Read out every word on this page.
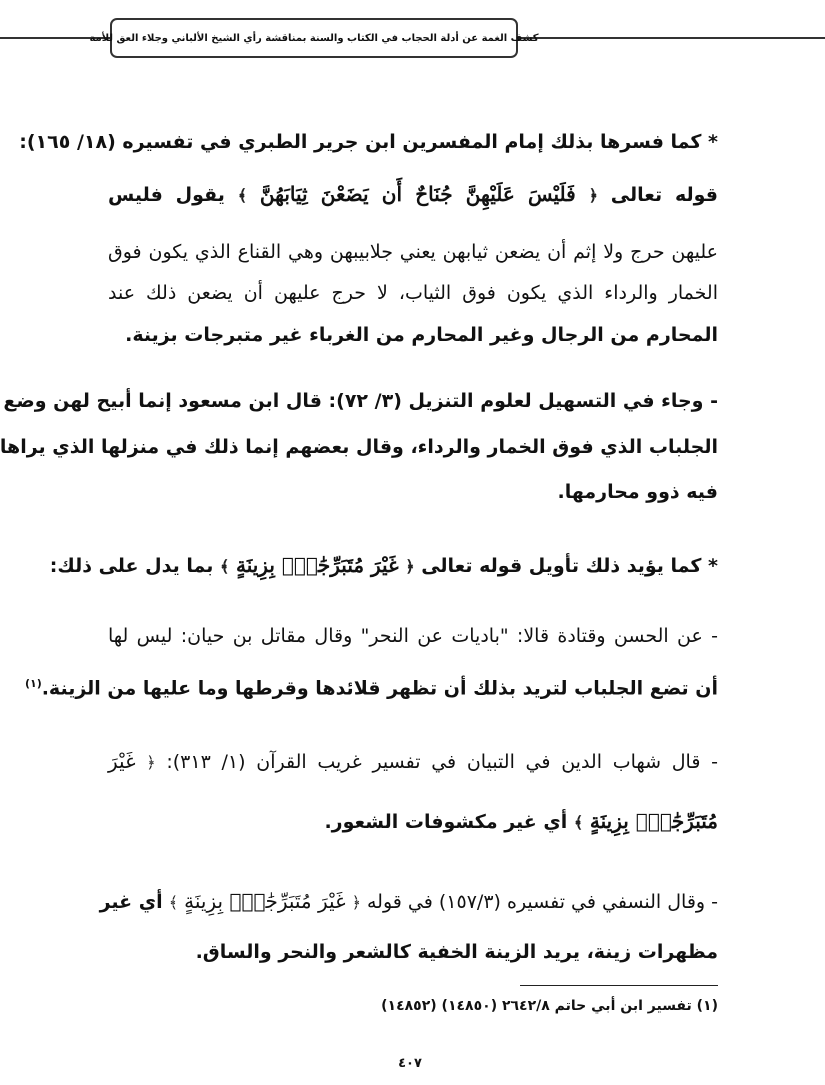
كشف الغمة عن أدلة الحجاب في الكتاب والسنة بمناقشة رأي الشيخ الألباني وجلاء العق للأمة
* كما فسرها بذلك إمام المفسرين ابن جرير الطبري في تفسيره (١٨/ ١٦٥):
قوله تعالى ﴿ فَلَيْسَ عَلَيْهِنَّ جُنَاحٌ أَن يَضَعْنَ ثِيَابَهُنَّ ﴾ يقول فليس
عليهن حرج ولا إثم أن يضعن ثيابهن يعني جلابيبهن وهي القناع الذي يكون فوق
الخمار والرداء الذي يكون فوق الثياب، لا حرج عليهن أن يضعن ذلك عند
المحارم من الرجال وغير المحارم من الغرباء غير متبرجات بزينة.
- وجاء في التسهيل لعلوم التنزيل (٣/ ٧٢): قال ابن مسعود إنما أبيح لهن وضع
الجلباب الذي فوق الخمار والرداء، وقال بعضهم إنما ذلك في منزلها الذي يراها
فيه ذوو محارمها.
* كما يؤيد ذلك تأويل قوله تعالى ﴿ غَيْرَ مُتَبَرِّجَٰتِۭ بِزِينَةٍ ﴾ بما يدل على ذلك:
- عن الحسن وقتادة قالا: "باديات عن النحر" وقال مقاتل بن حيان: ليس لها
أن تضع الجلباب لتريد بذلك أن تظهر قلائدها وقرطها وما عليها من الزينة.$^{(١)}$
- قال شهاب الدين في التبيان في تفسير غريب القرآن (١/ ٣١٣): ﴿ غَيْرَ
مُتَبَرِّجَٰتِۭ بِزِينَةٍ ﴾ أي غير مكشوفات الشعور.
- وقال النسفي في تفسيره (١٥٧/٣) في قوله ﴿ غَيْرَ مُتَبَرِّجَٰتِۭ بِزِينَةٍ ﴾ أي غير
مظهرات زينة، يريد الزينة الخفية كالشعر والنحر والساق.
(١) تفسير ابن أبي حاتم ٢٦٤٢/٨ (١٤٨٥٠) (١٤٨٥٢)
٤٠٧
